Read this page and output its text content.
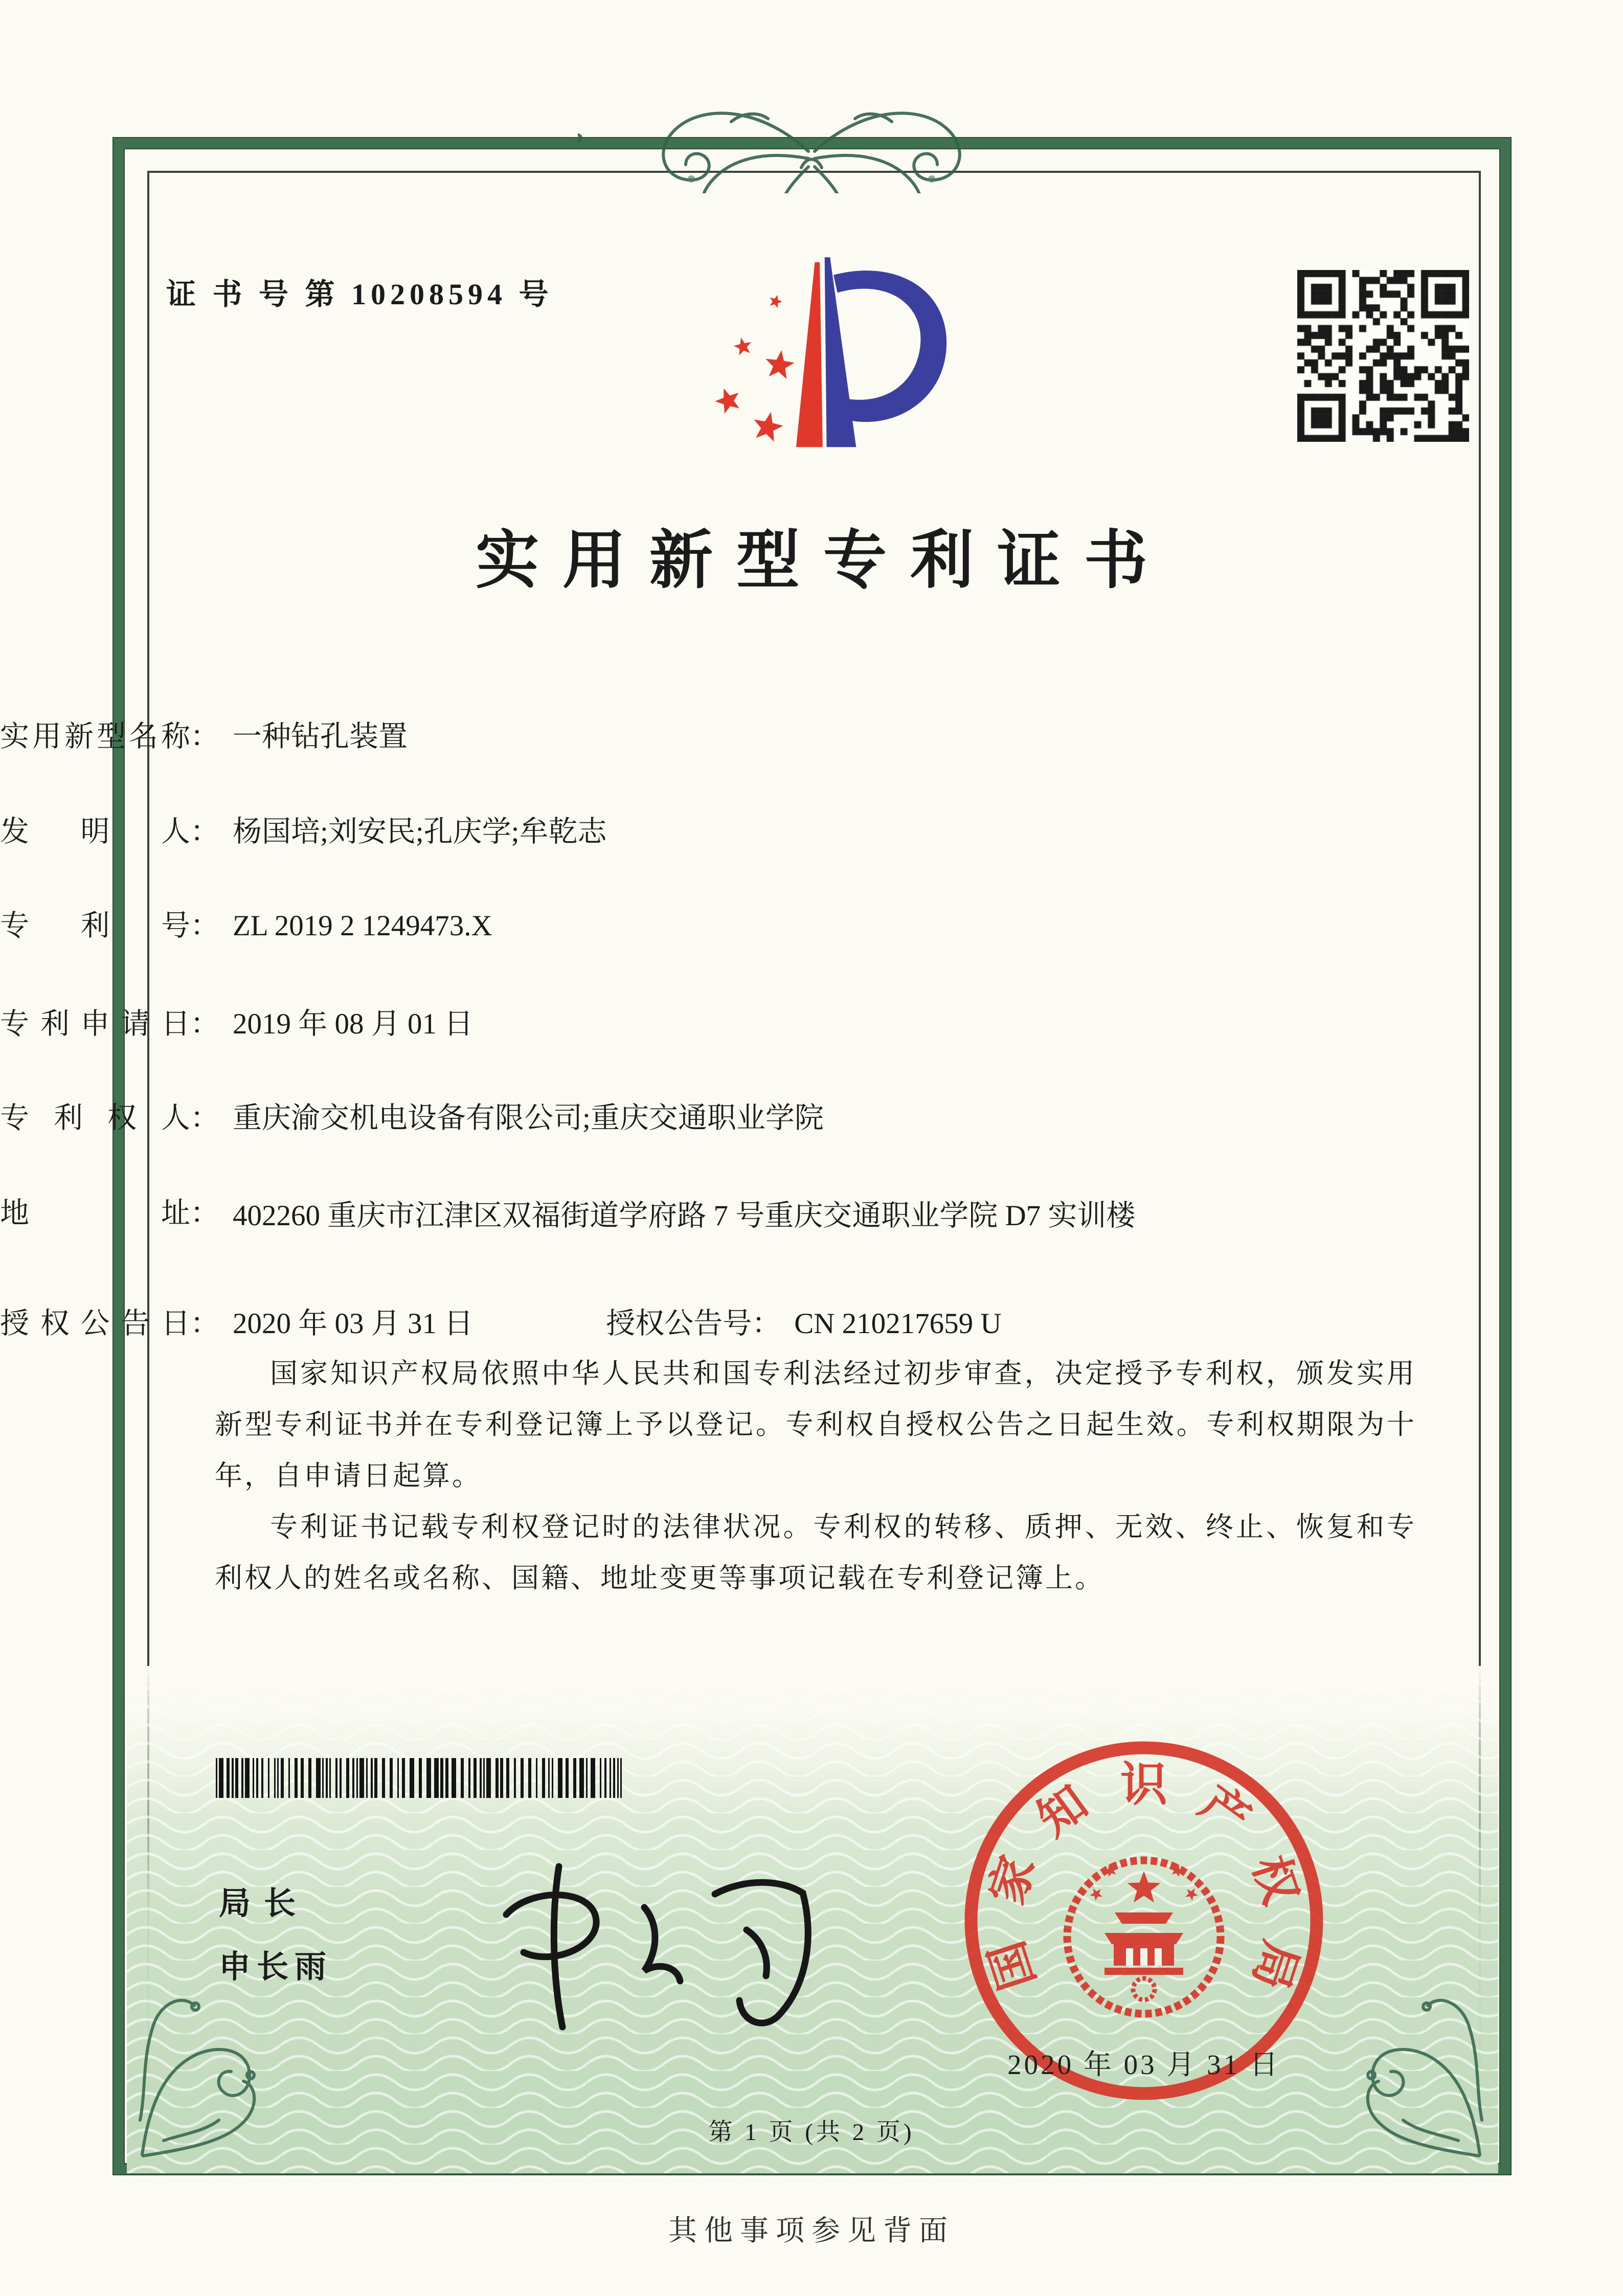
证 书 号 第 10208594 号
实用新型专利证书
实 用 新 型 名 称 ： 一种钻孔装置
发 明 人 ： 杨国培;刘安民;孔庆学;牟乾志
专 利 号 ： ZL 2019 2 1249473.X
专 利 申 请 日 ： 2019 年 08 月 01 日
专 利 权 人 ： 重庆渝交机电设备有限公司;重庆交通职业学院
地	址 ： 402260 重庆市江津区双福街道学府路 7 号重庆交通职业学院 D7 实训楼
授 权 公 告 日 ： 2020 年 03 月 31 日	授权公告号 ： CN 210217659 U

国家知识产权局依照中华人民共和国专利法经过初步审查，决定授予专利权，颁发实用新型专利证书并在专利登记簿上予以登记。专利权自授权公告之日起生效。专利权期限为十年，自申请日起算。

专利证书记载专利权登记时的法律状况。专利权的转移、质押、无效、终止、恢复和专利权人的姓名或名称、国籍、地址变更等事项记载在专利登记簿上。

局长
申长雨	国
家
知 识 产
权
局
2020 年 03 月 31 日
第 1 页 (共 2 页)
其他事项参见背面
